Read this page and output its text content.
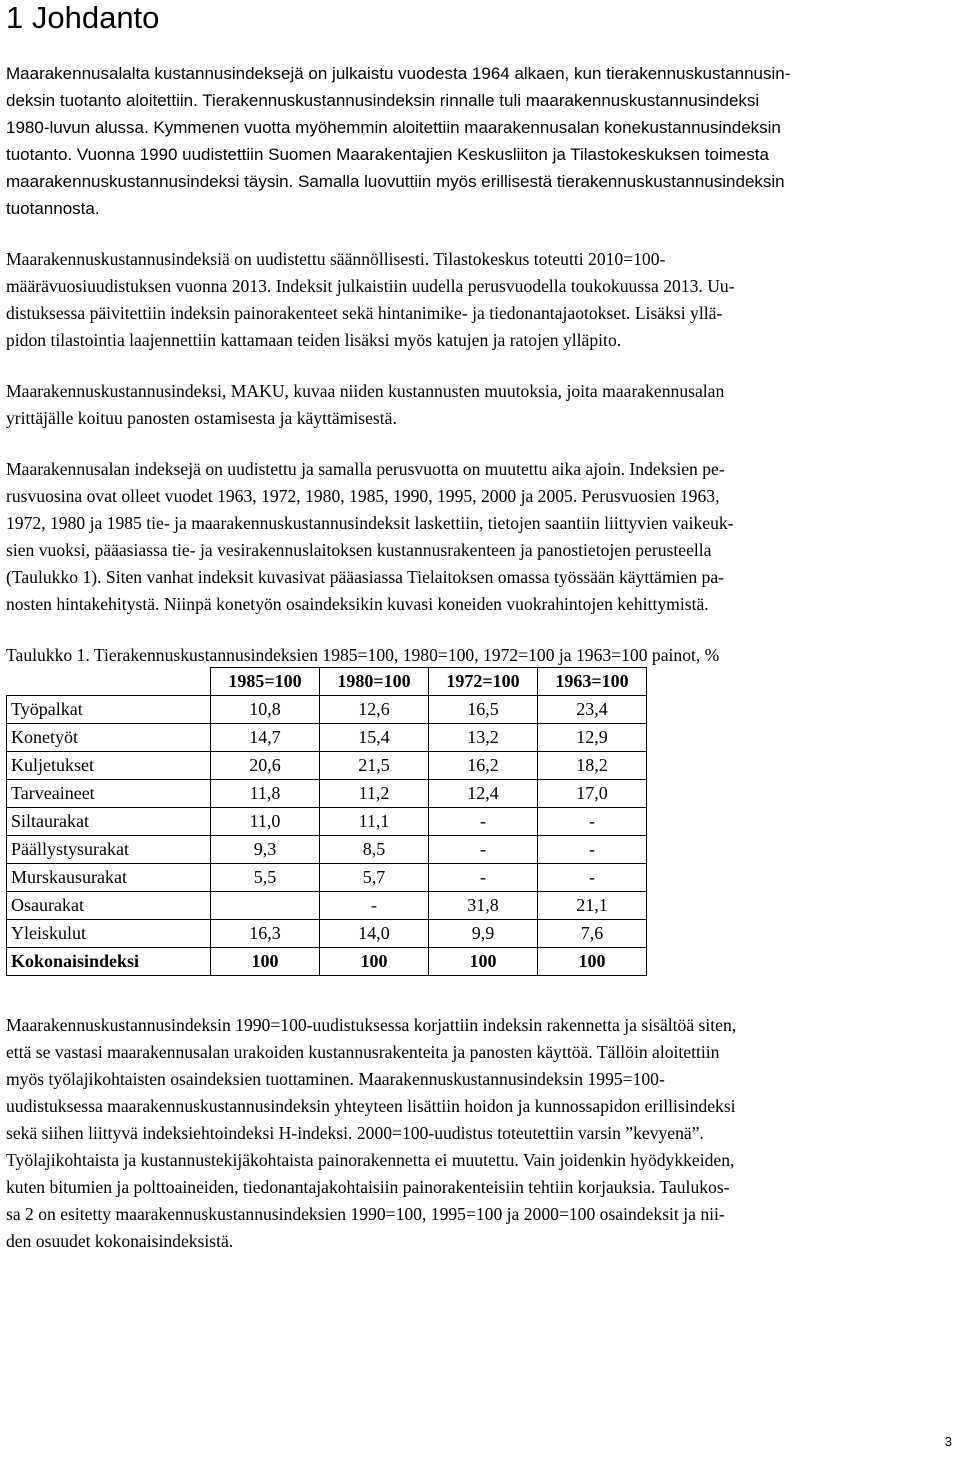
1 Johdanto
Maarakennusalalta kustannusindeksejä on julkaistu vuodesta 1964 alkaen, kun tierakennuskustannusin-
deksin tuotanto aloitettiin. Tierakennuskustannusindeksin rinnalle tuli maarakennuskustannusindeksi
1980-luvun alussa. Kymmenen vuotta myöhemmin aloitettiin maarakennusalan konekustannusindeksin
tuotanto. Vuonna 1990 uudistettiin Suomen Maarakentajien Keskusliiton ja Tilastokeskuksen toimesta
maarakennuskustannusindeksi täysin. Samalla luovuttiin myös erillisestä tierakennuskustannusindeksin
tuotannosta.
Maarakennuskustannusindeksiä on uudistettu säännöllisesti. Tilastokeskus toteutti 2010=100-
määrävuosiuudistuksen vuonna 2013. Indeksit julkaistiin uudella perusvuodella toukokuussa 2013. Uu-
distuksessa päivitettiin indeksin painorakenteet sekä hintanimike- ja tiedonantajaotokset. Lisäksi yllä-
pidon tilastointia laajennettiin kattamaan teiden lisäksi myös katujen ja ratojen ylläpito.
Maarakennuskustannusindeksi, MAKU, kuvaa niiden kustannusten muutoksia, joita maarakennusalan
yrittäjälle koituu panosten ostamisesta ja käyttämisestä.
Maarakennusalan indeksejä on uudistettu ja samalla perusvuotta on muutettu aika ajoin. Indeksien pe-
rusvuosina ovat olleet vuodet 1963, 1972, 1980, 1985, 1990, 1995, 2000 ja 2005. Perusvuosien 1963,
1972, 1980 ja 1985 tie- ja maarakennuskustannusindeksit laskettiin, tietojen saantiin liittyvien vaikeuk-
sien vuoksi, pääasiassa tie- ja vesirakennuslaitoksen kustannusrakenteen ja panostietojen perusteella
(Taulukko 1). Siten vanhat indeksit kuvasivat pääasiassa Tielaitoksen omassa työssään käyttämien pa-
nosten hintakehitystä. Niinpä konetyön osaindeksikin kuvasi koneiden vuokrahintojen kehittymistä.
Taulukko 1. Tierakennuskustannusindeksien 1985=100, 1980=100, 1972=100 ja 1963=100 painot, %
	1985=100	1980=100	1972=100	1963=100
Työpalkat	10,8	12,6	16,5	23,4
Konetyöt	14,7	15,4	13,2	12,9
Kuljetukset	20,6	21,5	16,2	18,2
Tarveaineet	11,8	11,2	12,4	17,0
Siltaurakat	11,0	11,1	-	-
Päällystysurakat	9,3	8,5	-	-
Murskausurakat	5,5	5,7	-	-
Osaurakat		-	31,8	21,1
Yleiskulut	16,3	14,0	9,9	7,6
Kokonaisindeksi	100	100	100	100
Maarakennuskustannusindeksin 1990=100-uudistuksessa korjattiin indeksin rakennetta ja sisältöä siten,
että se vastasi maarakennusalan urakoiden kustannusrakenteita ja panosten käyttöä. Tällöin aloitettiin
myös työlajikohtaisten osaindeksien tuottaminen. Maarakennuskustannusindeksin 1995=100-
uudistuksessa maarakennuskustannusindeksin yhteyteen lisättiin hoidon ja kunnossapidon erillisindeksi
sekä siihen liittyvä indeksiehtoindeksi H-indeksi. 2000=100-uudistus toteutettiin varsin ”kevyenä”.
Työlajikohtaista ja kustannustekijäkohtaista painorakennetta ei muutettu. Vain joidenkin hyödykkeiden,
kuten bitumien ja polttoaineiden, tiedonantajakohtaisiin painorakenteisiin tehtiin korjauksia. Taulukos-
sa 2 on esitetty maarakennuskustannusindeksien 1990=100, 1995=100 ja 2000=100 osaindeksit ja nii-
den osuudet kokonaisindeksistä.
3
